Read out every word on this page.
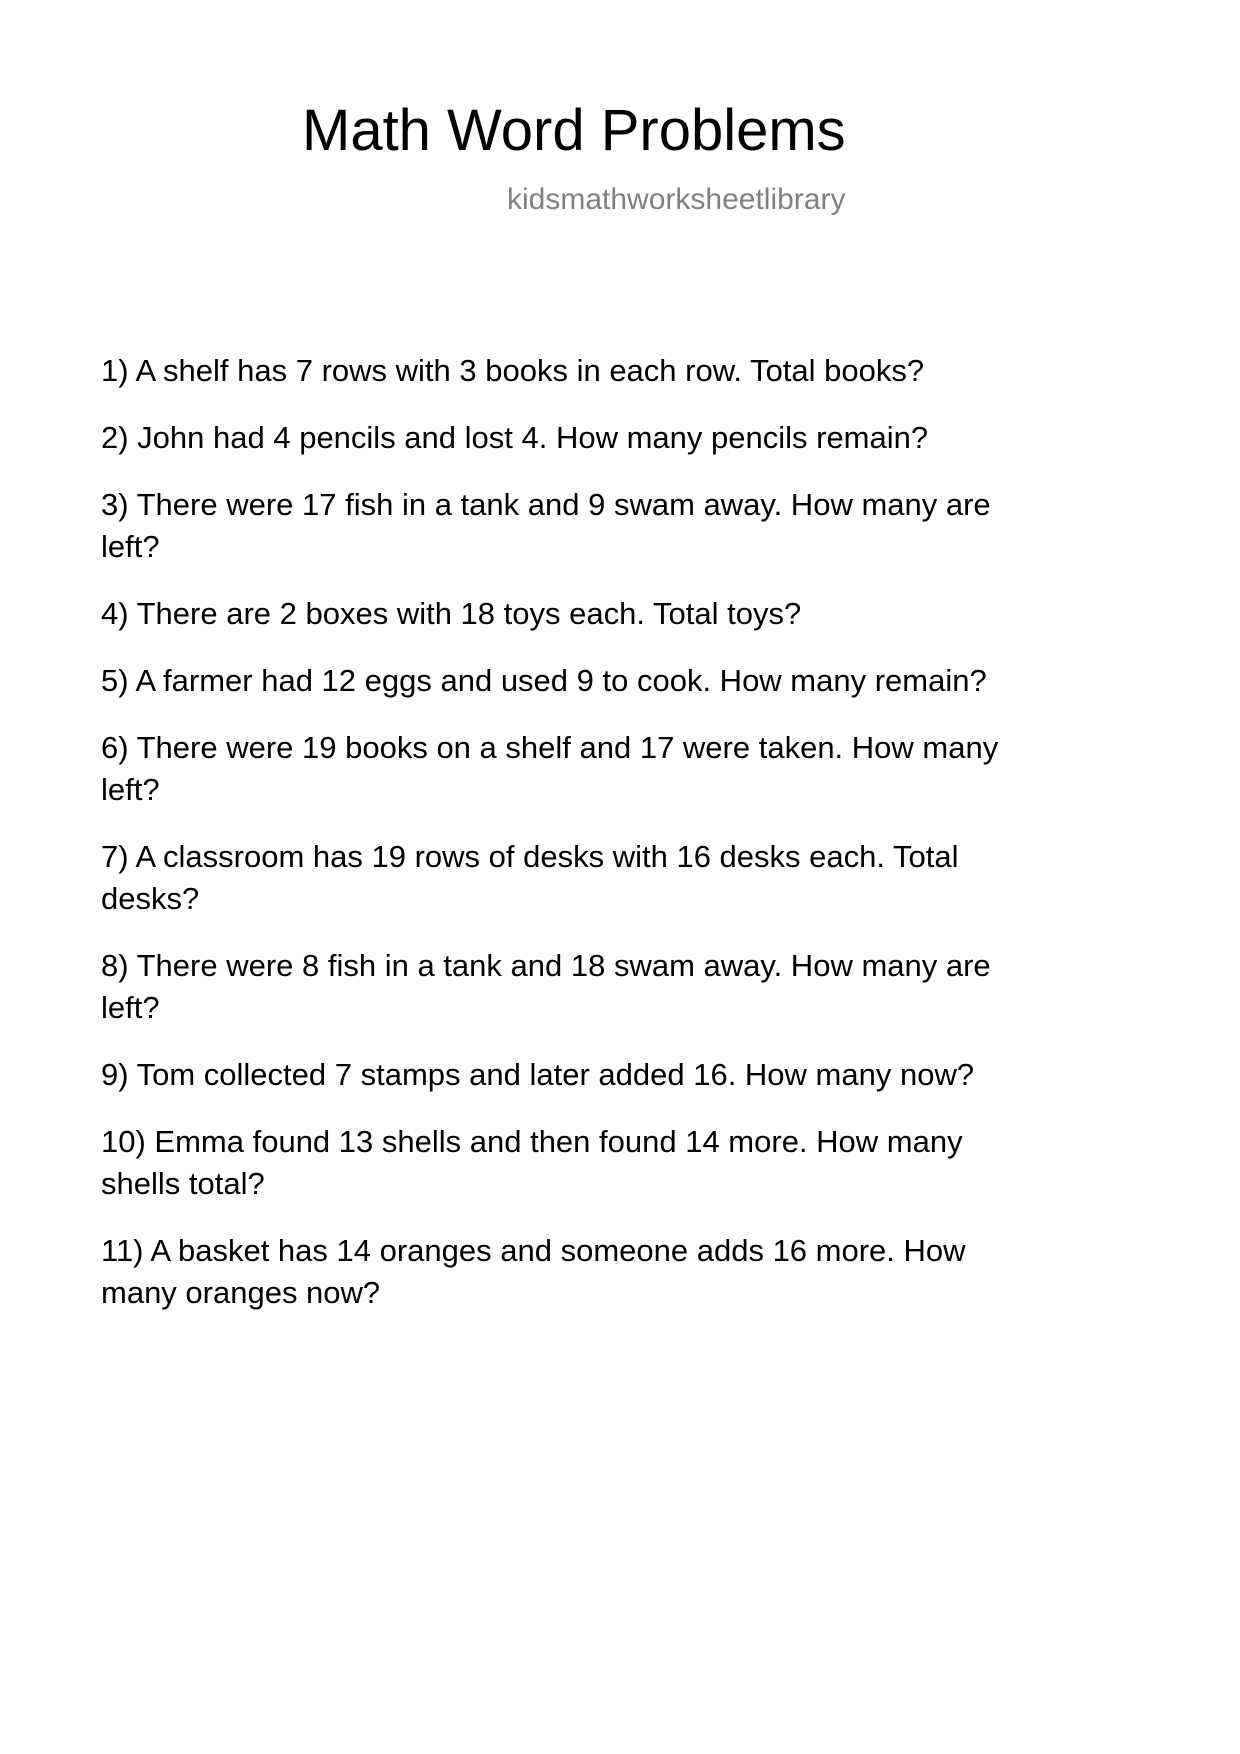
Math Word Problems
kidsmathworksheetlibrary
1) A shelf has 7 rows with 3 books in each row. Total books?
2) John had 4 pencils and lost 4. How many pencils remain?
3) There were 17 fish in a tank and 9 swam away. How many are
left?
4) There are 2 boxes with 18 toys each. Total toys?
5) A farmer had 12 eggs and used 9 to cook. How many remain?
6) There were 19 books on a shelf and 17 were taken. How many
left?
7) A classroom has 19 rows of desks with 16 desks each. Total
desks?
8) There were 8 fish in a tank and 18 swam away. How many are
left?
9) Tom collected 7 stamps and later added 16. How many now?
10) Emma found 13 shells and then found 14 more. How many
shells total?
11) A basket has 14 oranges and someone adds 16 more. How
many oranges now?
